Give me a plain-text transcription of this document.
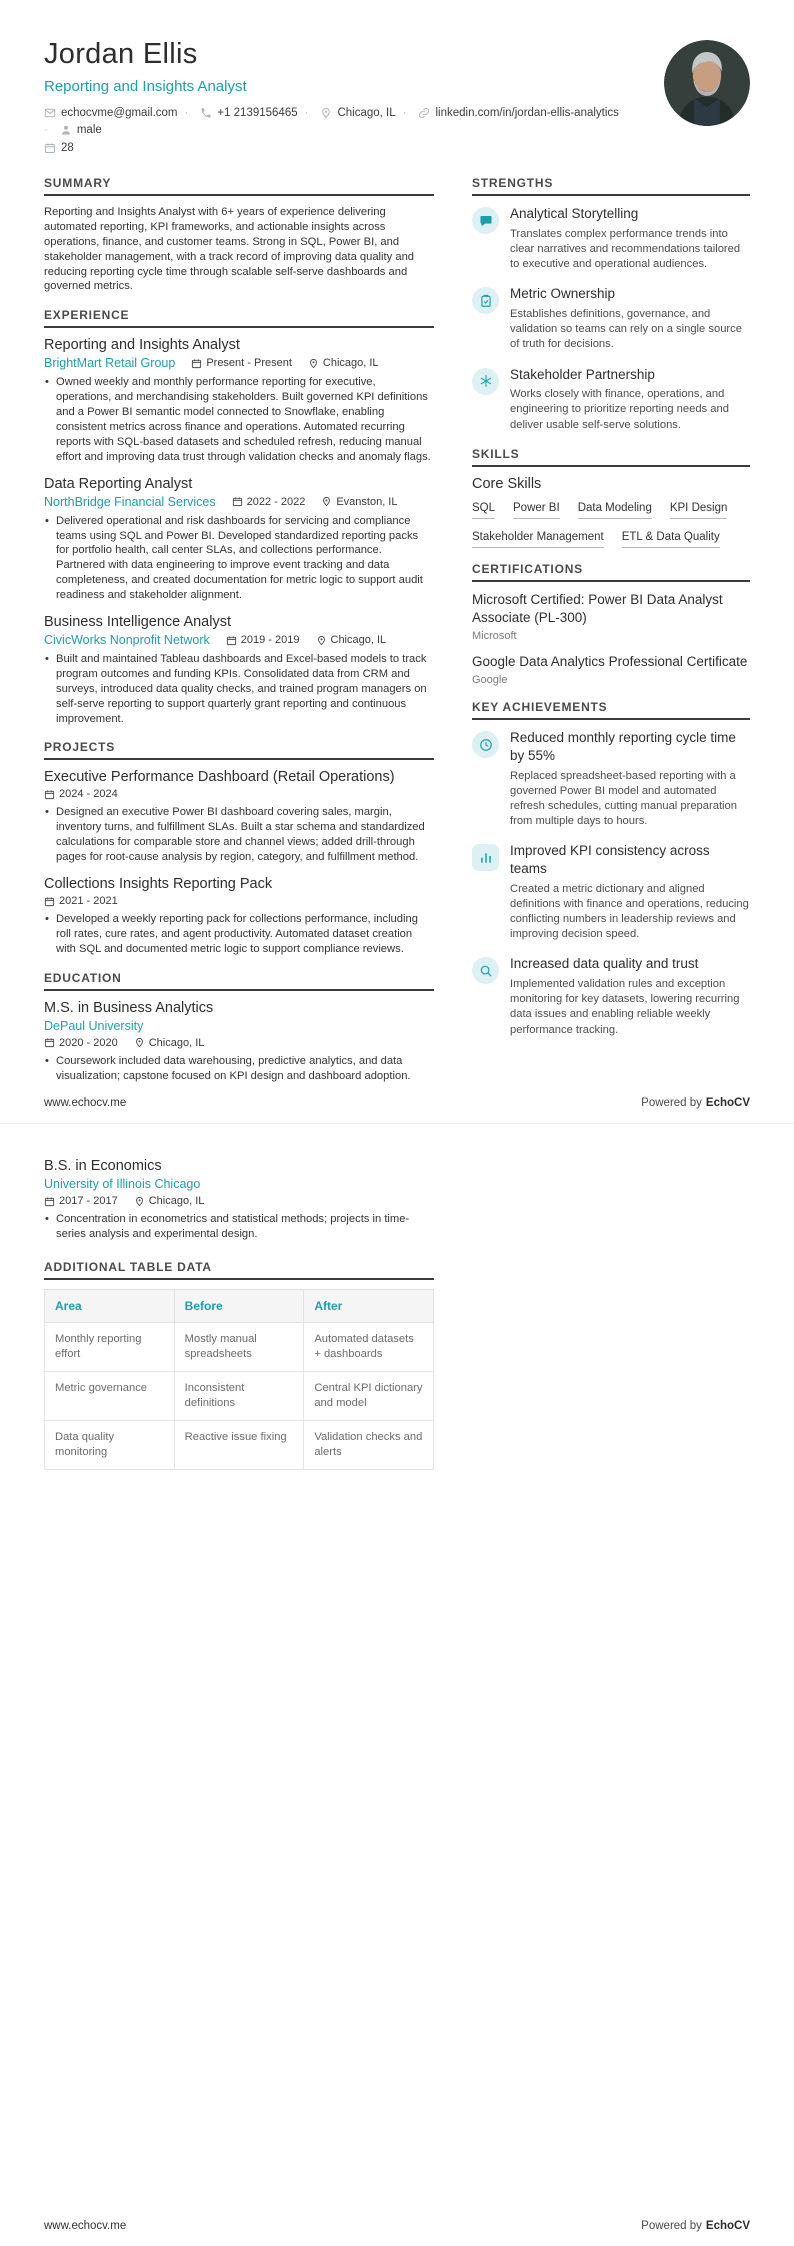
Jordan Ellis
Reporting and Insights Analyst
echocvme@gmail.com	· +1 2139156465	· Chicago, IL	· linkedin.com/in/jordan-ellis-analytics
· male
28
SUMMARY

Reporting and Insights Analyst with 6+ years of experience delivering automated reporting, KPI frameworks, and actionable insights across operations, finance, and customer teams. Strong in SQL, Power BI, and stakeholder management, with a track record of improving data quality and reducing reporting cycle time through scalable self-serve dashboards and governed metrics.

EXPERIENCE
Reporting and Insights Analyst
BrightMart Retail Group	Present - Present	Chicago, IL
• Owned weekly and monthly performance reporting for executive, operations, and merchandising stakeholders. Built governed KPI definitions and a Power BI semantic model connected to Snowflake, enabling consistent metrics across finance and operations. Automated recurring reports with SQL-based datasets and scheduled refresh, reducing manual effort and improving data trust through validation checks and anomaly flags.
Data Reporting Analyst
NorthBridge Financial Services	2022 - 2022	Evanston, IL
• Delivered operational and risk dashboards for servicing and compliance teams using SQL and Power BI. Developed standardized reporting packs for portfolio health, call center SLAs, and collections performance. Partnered with data engineering to improve event tracking and data completeness, and created documentation for metric logic to support audit readiness and stakeholder alignment.
Business Intelligence Analyst
CivicWorks Nonprofit Network	2019 - 2019	Chicago, IL
• Built and maintained Tableau dashboards and Excel-based models to track program outcomes and funding KPIs. Consolidated data from CRM and surveys, introduced data quality checks, and trained program managers on self-serve reporting to support quarterly grant reporting and continuous improvement.
PROJECTS
Executive Performance Dashboard (Retail Operations)
2024 - 2024
• Designed an executive Power BI dashboard covering sales, margin, inventory turns, and fulfillment SLAs. Built a star schema and standardized calculations for comparable store and channel views; added drill-through pages for root-cause analysis by region, category, and fulfillment method.
Collections Insights Reporting Pack
2021 - 2021
• Developed a weekly reporting pack for collections performance, including roll rates, cure rates, and agent productivity. Automated dataset creation with SQL and documented metric logic to support compliance reviews.
EDUCATION
M.S. in Business Analytics
DePaul University
2020 - 2020	Chicago, IL
• Coursework included data warehousing, predictive analytics, and data visualization; capstone focused on KPI design and dashboard adoption.
STRENGTHS
Analytical Storytelling
Translates complex performance trends into clear narratives and recommendations tailored to executive and operational audiences.
Metric Ownership
Establishes definitions, governance, and validation so teams can rely on a single source of truth for decisions.
Stakeholder Partnership
Works closely with finance, operations, and engineering to prioritize reporting needs and deliver usable self-serve solutions.
SKILLS
Core Skills
SQL Power BI Data Modeling KPI Design
Stakeholder Management ETL & Data Quality
CERTIFICATIONS
Microsoft Certified: Power BI Data Analyst Associate (PL-300)
Microsoft
Google Data Analytics Professional Certificate
Google
KEY ACHIEVEMENTS
Reduced monthly reporting cycle time by 55%
Replaced spreadsheet-based reporting with a governed Power BI model and automated refresh schedules, cutting manual preparation from multiple days to hours.
Improved KPI consistency across teams
Created a metric dictionary and aligned definitions with finance and operations, reducing conflicting numbers in leadership reviews and improving decision speed.
Increased data quality and trust
Implemented validation rules and exception monitoring for key datasets, lowering recurring data issues and enabling reliable weekly performance tracking.
www.echocv.me	Powered by EchoCV
B.S. in Economics
University of Illinois Chicago
2017 - 2017	Chicago, IL
• Concentration in econometrics and statistical methods; projects in time-series analysis and experimental design.
ADDITIONAL TABLE DATA
Area	Before	After
Monthly reporting effort	Mostly manual spreadsheets	Automated datasets + dashboards
Metric governance	Inconsistent definitions	Central KPI dictionary and model
Data quality monitoring	Reactive issue fixing	Validation checks and alerts
www.echocv.me	Powered by EchoCV
